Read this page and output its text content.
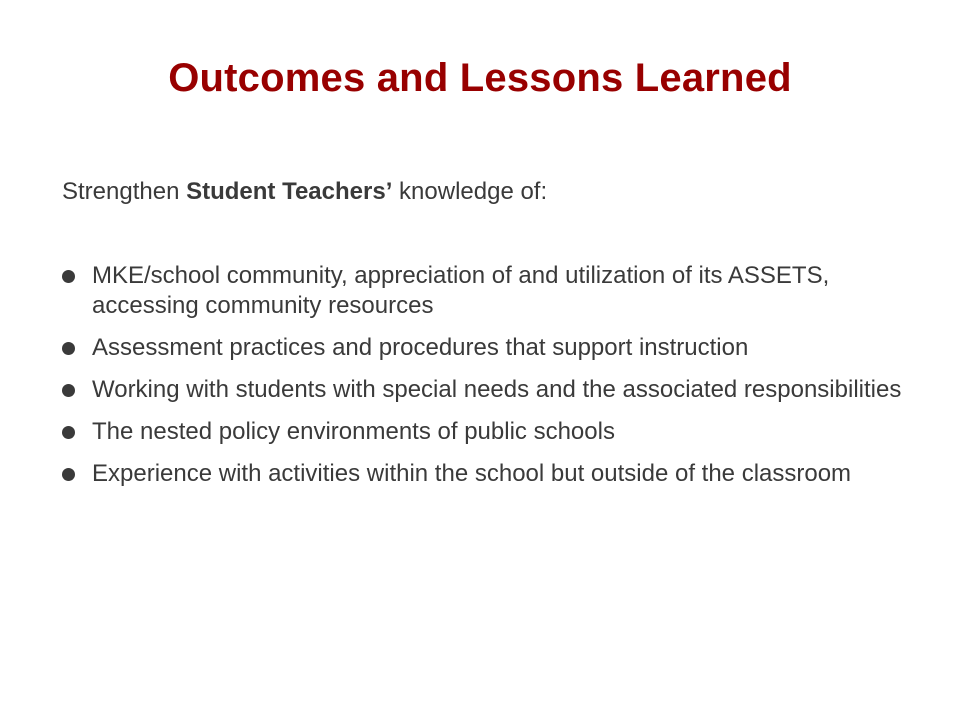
Outcomes and Lessons Learned
Strengthen Student Teachers’ knowledge of:
MKE/school community, appreciation of and utilization of its ASSETS, accessing community resources
Assessment practices and procedures that support instruction
Working with students with special needs and the associated responsibilities
The nested policy environments of public schools
Experience with activities within the school but outside of the classroom
